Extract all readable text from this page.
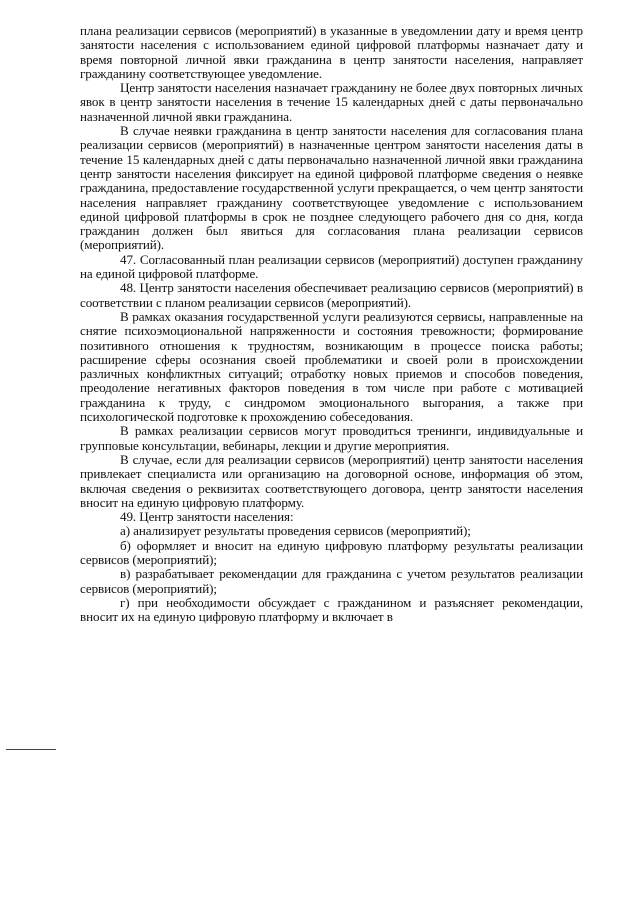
плана реализации сервисов (мероприятий) в указанные в уведомлении дату и время центр занятости населения с использованием единой цифровой платформы назначает дату и время повторной личной явки гражданина в центр занятости населения, направляет гражданину соответствующее уведомление.

Центр занятости населения назначает гражданину не более двух повторных личных явок в центр занятости населения в течение 15 календарных дней с даты первоначально назначенной личной явки гражданина.

В случае неявки гражданина в центр занятости населения для согласования плана реализации сервисов (мероприятий) в назначенные центром занятости населения даты в течение 15 календарных дней с даты первоначально назначенной личной явки гражданина центр занятости населения фиксирует на единой цифровой платформе сведения о неявке гражданина, предоставление государственной услуги прекращается, о чем центр занятости населения направляет гражданину соответствующее уведомление с использованием единой цифровой платформы в срок не позднее следующего рабочего дня со дня, когда гражданин должен был явиться для согласования плана реализации сервисов (мероприятий).

47. Согласованный план реализации сервисов (мероприятий) доступен гражданину на единой цифровой платформе.

48. Центр занятости населения обеспечивает реализацию сервисов (мероприятий) в соответствии с планом реализации сервисов (мероприятий).

В рамках оказания государственной услуги реализуются сервисы, направленные на снятие психоэмоциональной напряженности и состояния тревожности; формирование позитивного отношения к трудностям, возникающим в процессе поиска работы; расширение сферы осознания своей проблематики и своей роли в происхождении различных конфликтных ситуаций; отработку новых приемов и способов поведения, преодоление негативных факторов поведения в том числе при работе с мотивацией гражданина к труду, с синдромом эмоционального выгорания, а также при психологической подготовке к прохождению собеседования.

В рамках реализации сервисов могут проводиться тренинги, индивидуальные и групповые консультации, вебинары, лекции и другие мероприятия.

В случае, если для реализации сервисов (мероприятий) центр занятости населения привлекает специалиста или организацию на договорной основе, информация об этом, включая сведения о реквизитах соответствующего договора, центр занятости населения вносит на единую цифровую платформу.

49. Центр занятости населения:

а) анализирует результаты проведения сервисов (мероприятий);

б) оформляет и вносит на единую цифровую платформу результаты реализации сервисов (мероприятий);

в) разрабатывает рекомендации для гражданина с учетом результатов реализации сервисов (мероприятий);

г) при необходимости обсуждает с гражданином и разъясняет рекомендации, вносит их на единую цифровую платформу и включает в
